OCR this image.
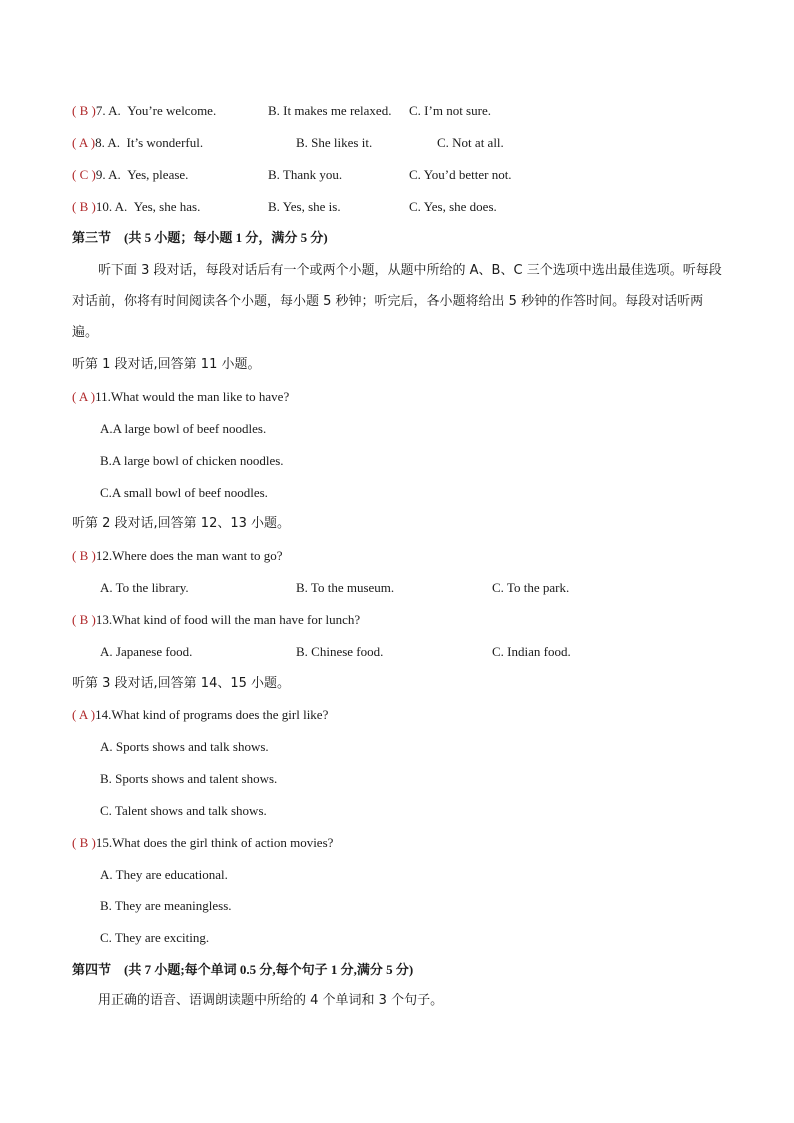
( B )7. A. You’re welcome.	B. It makes me relaxed. C. I’m not sure.
( A )8. A. It’s wonderful.	B. She likes it.	C. Not at all.
( C )9. A. Yes, please.	B. Thank you.	C. You’d better not.
( B )10. A. Yes, she has.	B. Yes, she is.	C. Yes, she does.
第三节　(共 5 小题；每小题 1 分，满分 5 分)
听下面 3 段对话，每段对话后有一个或两个小题，从题中所给的 A、B、C 三个选项中选出最佳选项。听每段对话前，你将有时间阅读各个小题，每小题 5 秒钟；听完后，各小题将给出 5 秒钟的作答时间。每段对话听两遍。
听第 1 段对话,回答第 11 小题。
( A )11.What would the man like to have?
A.A large bowl of beef noodles.
B.A large bowl of chicken noodles.
C.A small bowl of beef noodles.
听第 2 段对话,回答第 12、13 小题。
( B )12.Where does the man want to go?
A. To the library.	B. To the museum.	C. To the park.
( B )13.What kind of food will the man have for lunch?
A. Japanese food.	B. Chinese food.	C. Indian food.
听第 3 段对话,回答第 14、15 小题。
( A )14.What kind of programs does the girl like?
A. Sports shows and talk shows.
B. Sports shows and talent shows.
C. Talent shows and talk shows.
( B )15.What does the girl think of action movies?
A. They are educational.
B. They are meaningless.
C. They are exciting.
第四节　(共 7 小题;每个单词 0.5 分,每个句子 1 分,满分 5 分)
用正确的语音、语调朗读题中所给的 4 个单词和 3 个句子。
